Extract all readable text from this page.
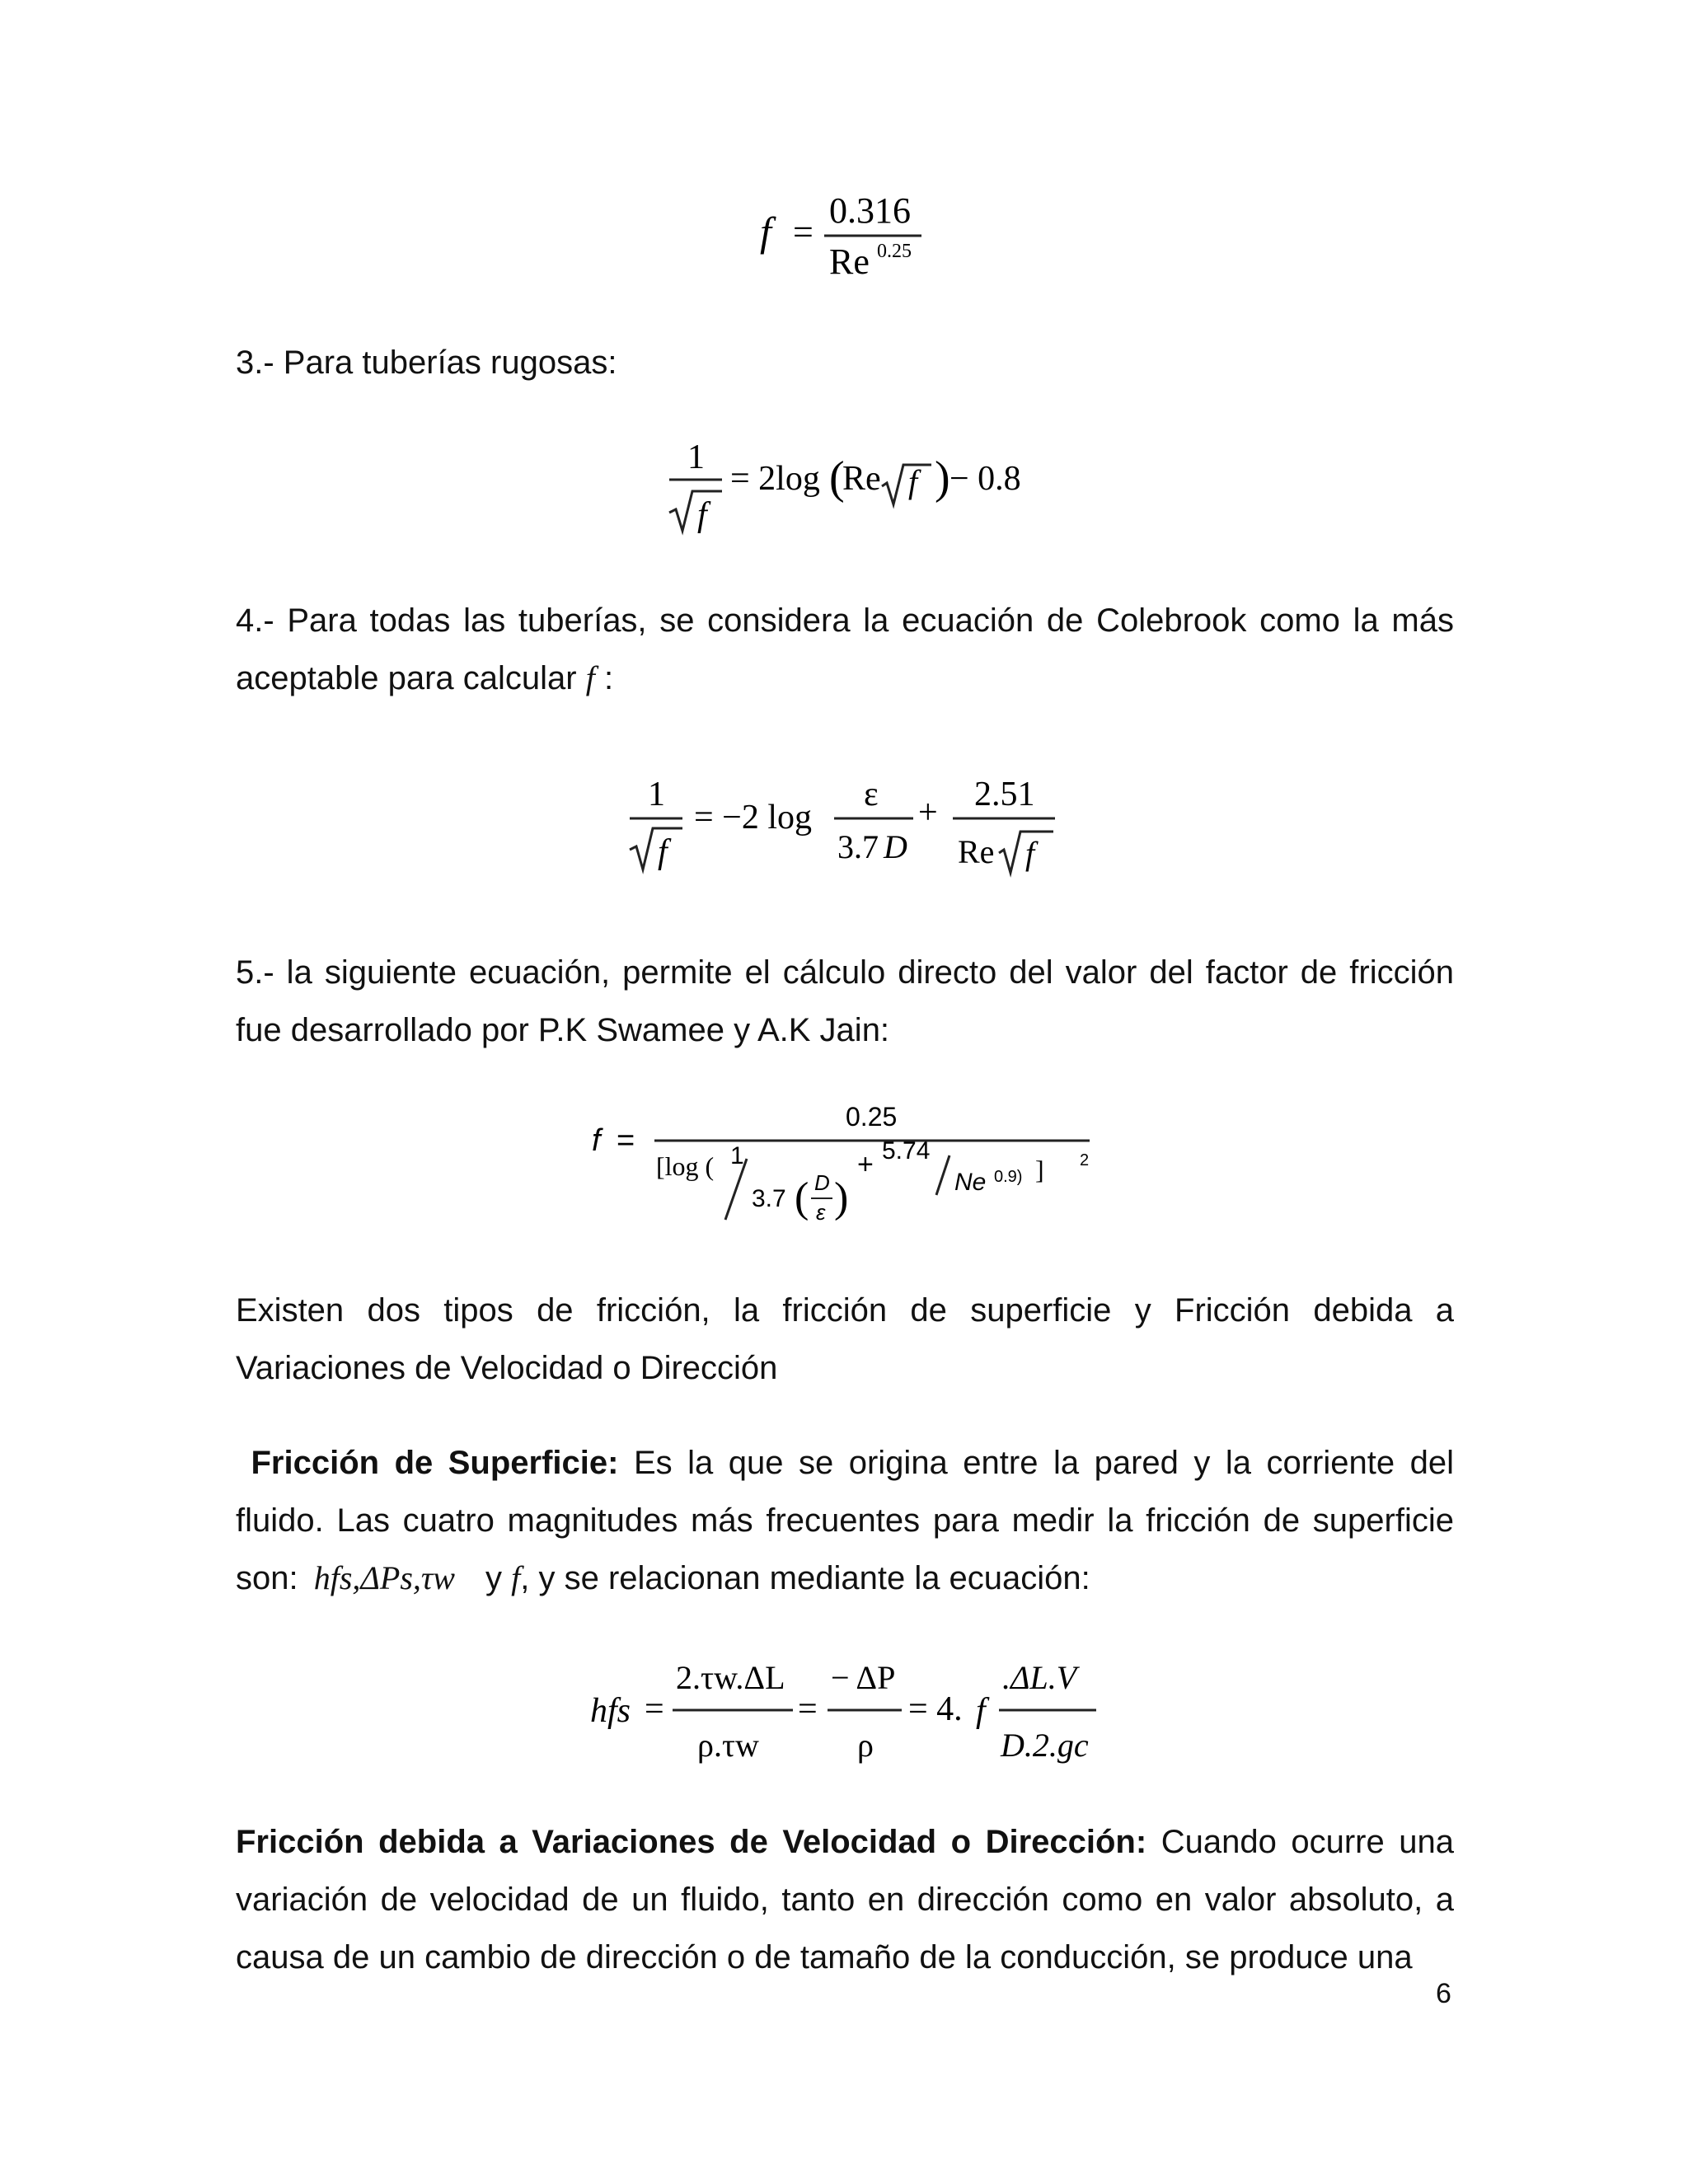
f =
0.316
Re 0.25

3.- Para tuberías rugosas:

1
f
= 2log (
Re f ) − 0.8

4.- Para todas las tuberías, se considera la ecuación de Colebrook como la más aceptable para calcular f :

1
f
= −2 log
ε
3.7 D
+ 2.51
Re f

5.- la siguiente ecuación, permite el cálculo directo del valor del factor de fricción fue desarrollado por P.K Swamee y A.K Jain:

f =
0.25
[log ( 1
3.7 ( D
ε )
+ 5.74
Ne 0.9) ] 2

Existen dos tipos de fricción, la fricción de superficie y Fricción debida a Variaciones de Velocidad o Dirección

Fricción de Superficie: Es la que se origina entre la pared y la corriente del fluido. Las cuatro magnitudes más frecuentes para medir la fricción de superficie son: hfs,ΔPs,τw y f, y se relacionan mediante la ecuación:

hfs =
2.τw.ΔL
ρ.τw
=
− ΔP
ρ
= 4. f
.ΔL.V
D.2.gc

Fricción debida a Variaciones de Velocidad o Dirección: Cuando ocurre una variación de velocidad de un fluido, tanto en dirección como en valor absoluto, a causa de un cambio de dirección o de tamaño de la conducción, se produce una

6
